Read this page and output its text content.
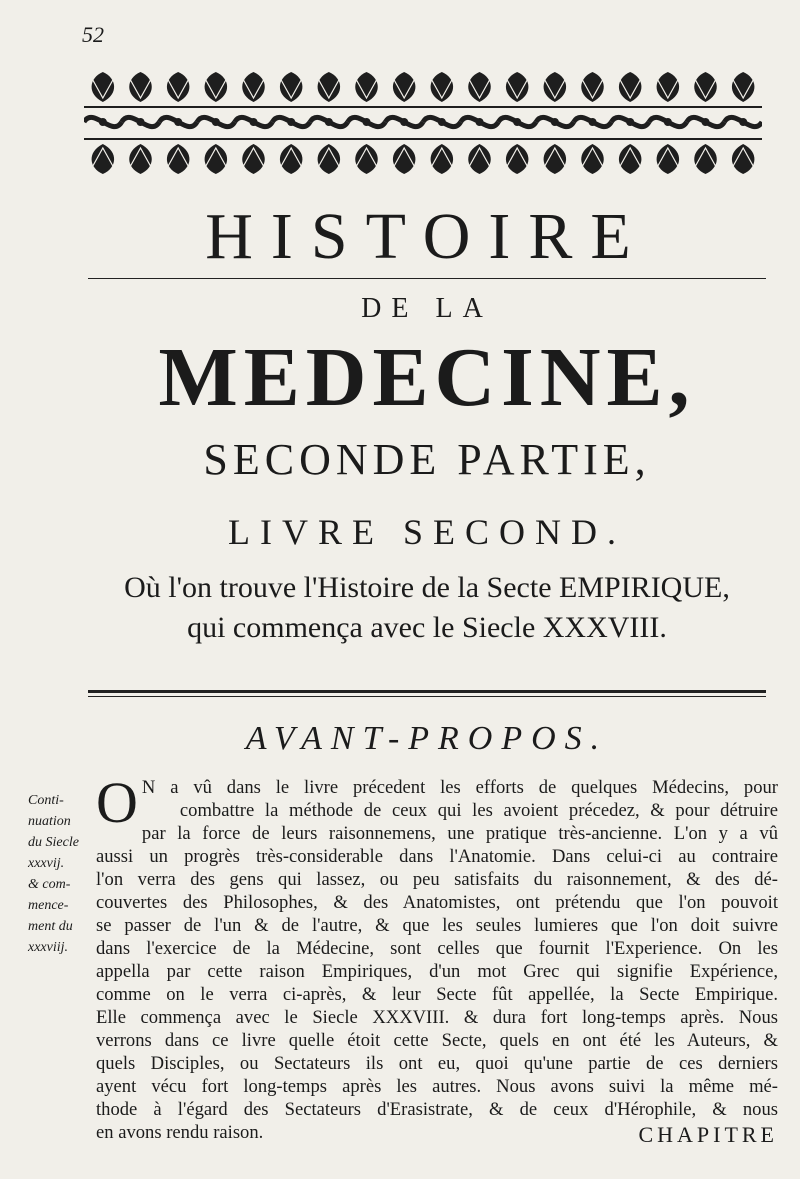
52
HISTOIRE
DE LA
MEDECINE,
SECONDE PARTIE,
LIVRE SECOND.
Où l'on trouve l'Histoire de la Secte EMPIRIQUE,
qui commença avec le Siecle XXXVIII.
AVANT-PROPOS.
Conti-
nuation
du Siecle
xxxvij.
& com-
mence-
ment du
xxxviij.
O N a vû dans le livre précedent les efforts de quelques Médecins, pour
combattre la méthode de ceux qui les avoient précedez, & pour détruire
par la force de leurs raisonnemens, une pratique très-ancienne. L'on y a vû
aussi un progrès très-considerable dans l'Anatomie. Dans celui-ci au contraire
l'on verra des gens qui lassez, ou peu satisfaits du raisonnement, & des dé-
couvertes des Philosophes, & des Anatomistes, ont prétendu que l'on pouvoit
se passer de l'un & de l'autre, & que les seules lumieres que l'on doit suivre
dans l'exercice de la Médecine, sont celles que fournit l'Experience. On les
appella par cette raison Empiriques, d'un mot Grec qui signifie Expérience,
comme on le verra ci-après, & leur Secte fût appellée, la Secte Empirique.
Elle commença avec le Siecle XXXVIII. & dura fort long-temps après. Nous
verrons dans ce livre quelle étoit cette Secte, quels en ont été les Auteurs, &
quels Disciples, ou Sectateurs ils ont eu, quoi qu'une partie de ces derniers
ayent vécu fort long-temps après les autres. Nous avons suivi la même mé-
thode à l'égard des Sectateurs d'Erasistrate, & de ceux d'Hérophile, & nous
en avons rendu raison.	CHAPITRE
